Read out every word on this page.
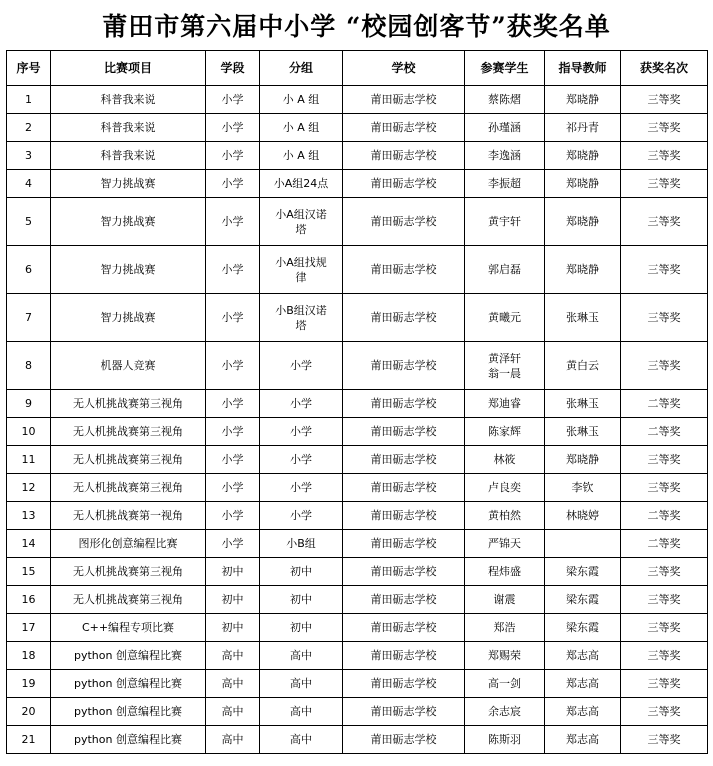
莆田市第六届中小学 “校园创客节”获奖名单
序号	比赛项目	学段	分组	学校	参赛学生	指导教师	获奖名次
1	科普我来说	小学	小 A 组	莆田砺志学校	蔡陈熠	郑晓静	三等奖
2	科普我来说	小学	小 A 组	莆田砺志学校	孙瑾涵	祁丹青	三等奖
3	科普我来说	小学	小 A 组	莆田砺志学校	李逸涵	郑晓静	三等奖
4	智力挑战赛	小学	小A组24点	莆田砺志学校	李振超	郑晓静	三等奖
5	智力挑战赛	小学	小A组汉诺
塔	莆田砺志学校	黄宇轩	郑晓静	三等奖
6	智力挑战赛	小学	小A组找规
律	莆田砺志学校	郭启磊	郑晓静	三等奖
7	智力挑战赛	小学	小B组汉诺
塔	莆田砺志学校	黄曦元	张琳玉	三等奖
8	机器人竞赛	小学	小学	莆田砺志学校	黄泽轩
翁一晨	黄白云	三等奖
9	无人机挑战赛第三视角	小学	小学	莆田砺志学校	郑迪睿	张琳玉	二等奖
10	无人机挑战赛第三视角	小学	小学	莆田砺志学校	陈家辉	张琳玉	二等奖
11	无人机挑战赛第三视角	小学	小学	莆田砺志学校	林筱	郑晓静	三等奖
12	无人机挑战赛第三视角	小学	小学	莆田砺志学校	卢良奕	李钦	三等奖
13	无人机挑战赛第一视角	小学	小学	莆田砺志学校	黄柏然	林晓婷	二等奖
14	图形化创意编程比赛	小学	小B组	莆田砺志学校	严锦天		二等奖
15	无人机挑战赛第三视角	初中	初中	莆田砺志学校	程炜盛	梁东霞	三等奖
16	无人机挑战赛第三视角	初中	初中	莆田砺志学校	谢震	梁东霞	三等奖
17	C++编程专项比赛	初中	初中	莆田砺志学校	郑浩	梁东霞	三等奖
18	python 创意编程比赛	高中	高中	莆田砺志学校	郑赐荣	郑志高	三等奖
19	python 创意编程比赛	高中	高中	莆田砺志学校	高一剑	郑志高	三等奖
20	python 创意编程比赛	高中	高中	莆田砺志学校	余志宸	郑志高	三等奖
21	python 创意编程比赛	高中	高中	莆田砺志学校	陈斯羽	郑志高	三等奖
